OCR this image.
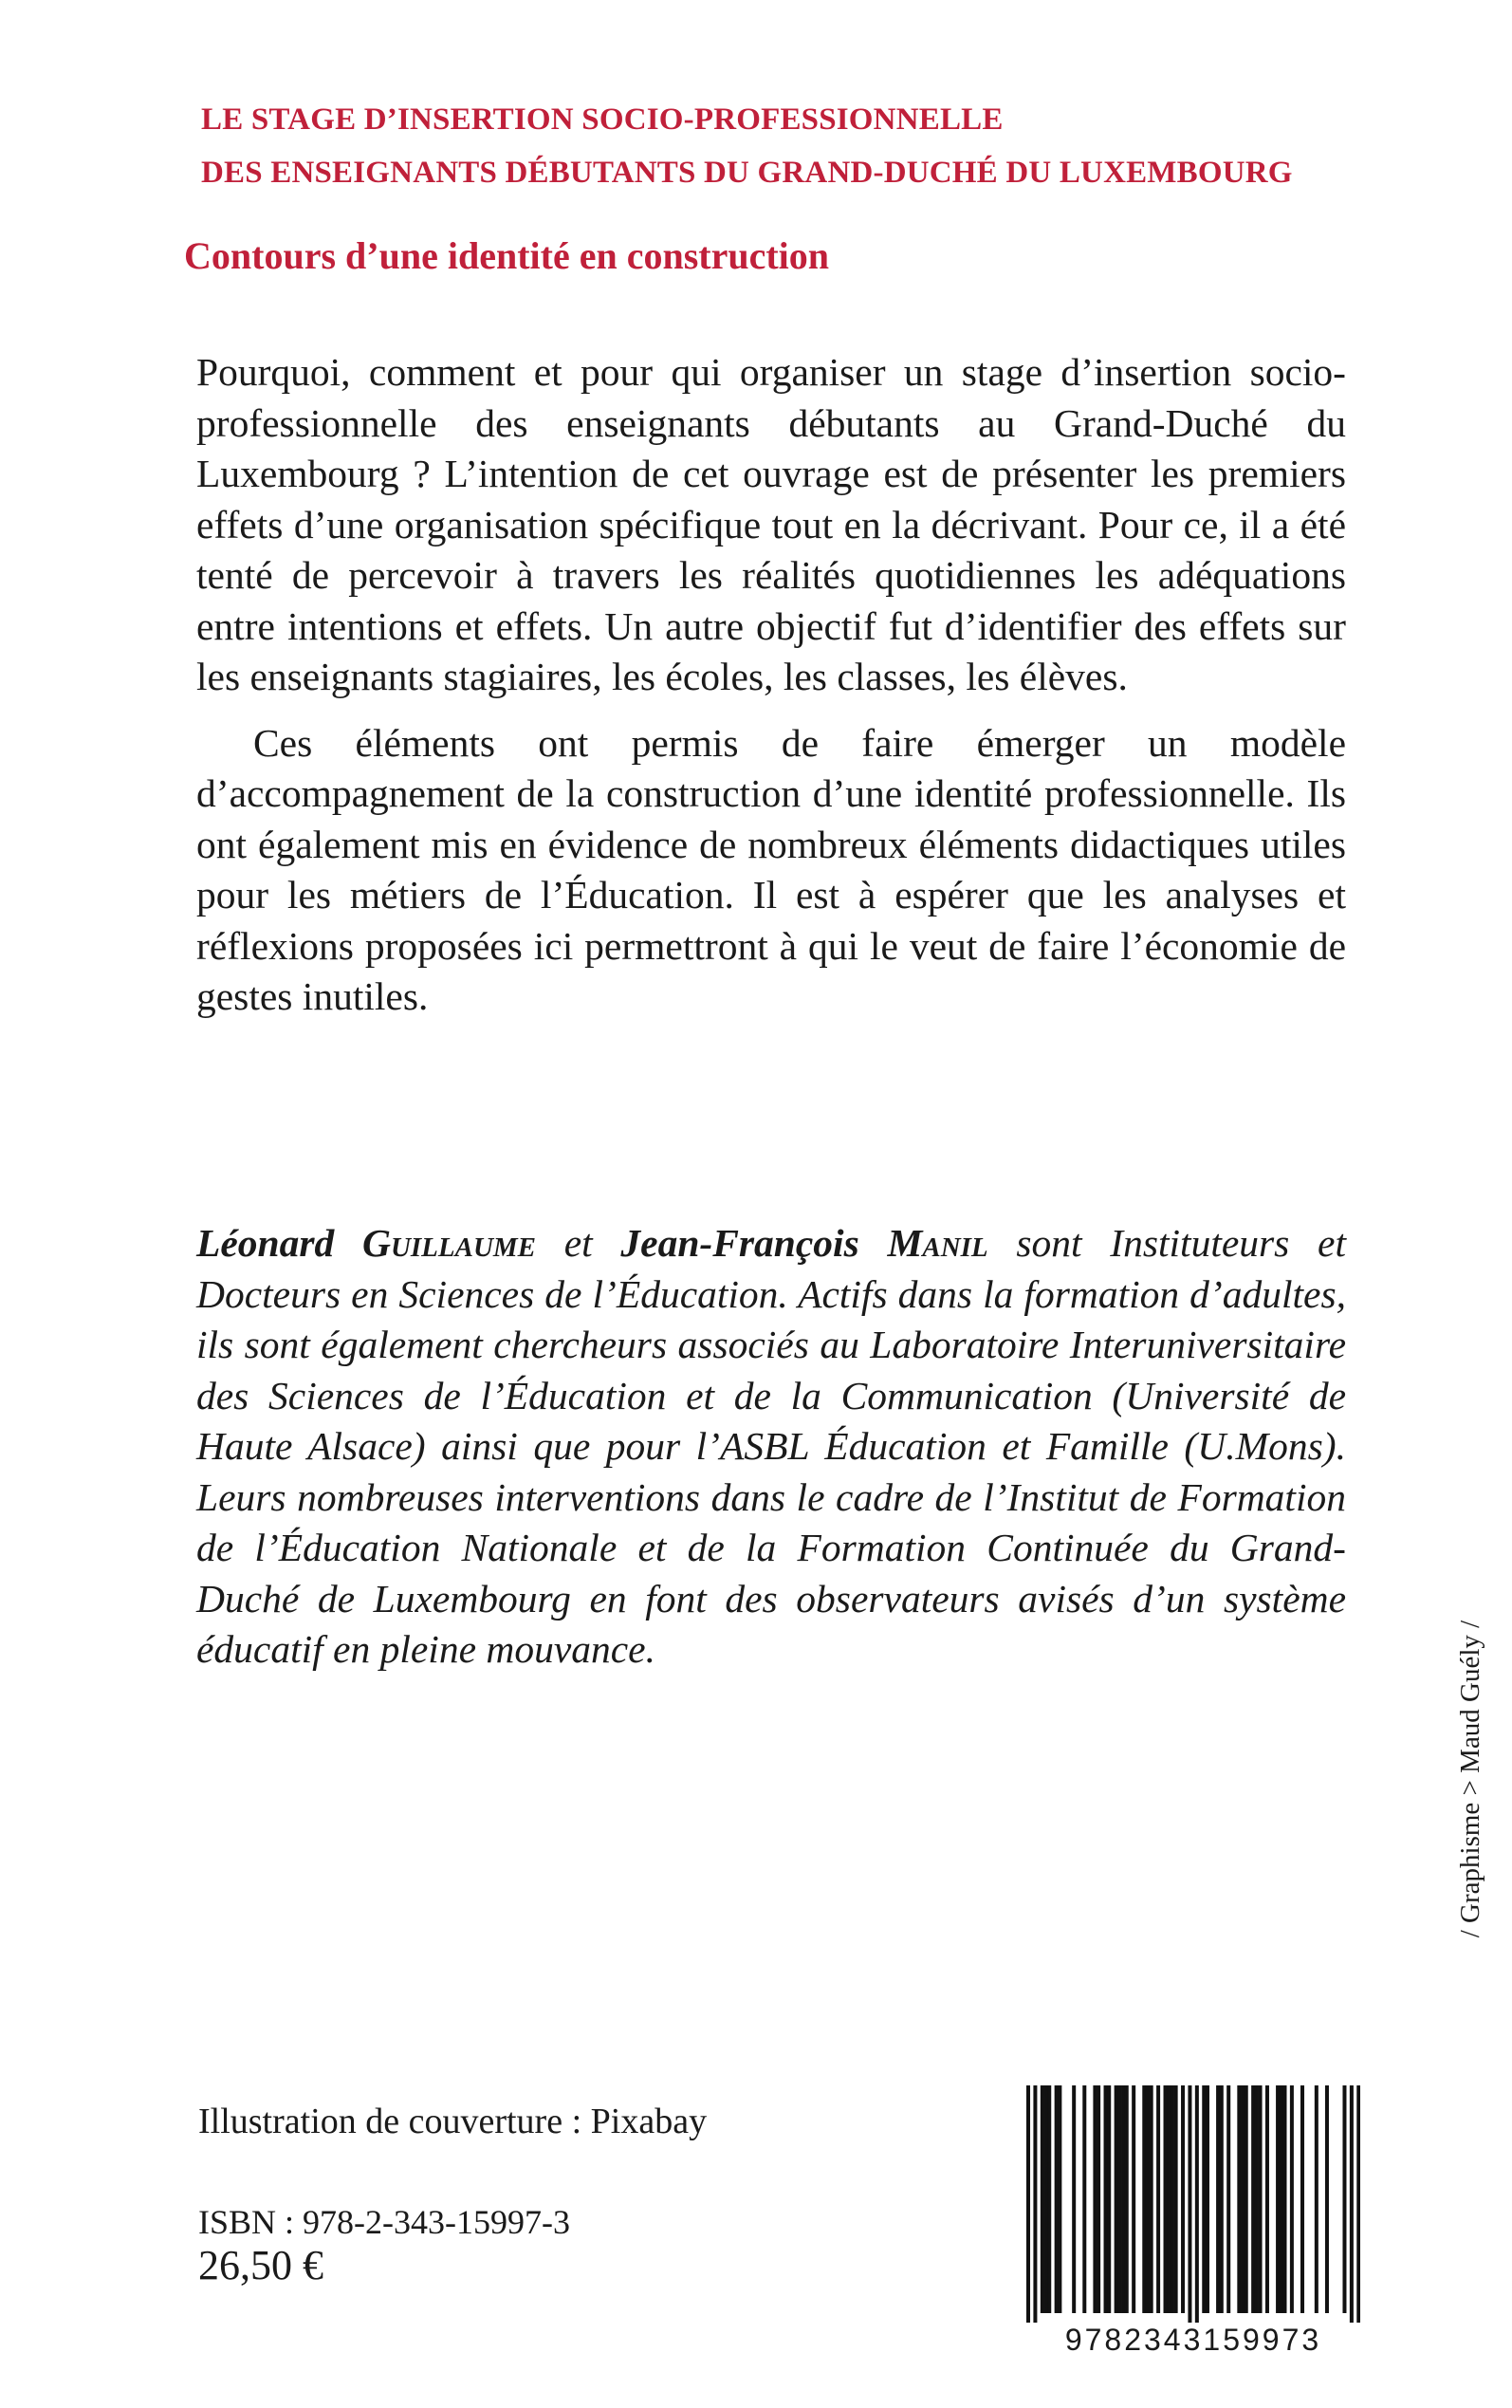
LE STAGE D’INSERTION SOCIO-PROFESSIONNELLE

DES ENSEIGNANTS DÉBUTANTS DU GRAND-DUCHÉ DU LUXEMBOURG

Contours d’une identité en construction

Pourquoi, comment et pour qui organiser un stage d’insertion socio-professionnelle des enseignants débutants au Grand-Duché du Luxembourg ? L’intention de cet ouvrage est de présenter les premiers effets d’une organisation spécifique tout en la décrivant. Pour ce, il a été tenté de percevoir à travers les réalités quotidiennes les adéquations entre intentions et effets. Un autre objectif fut d’identifier des effets sur les enseignants stagiaires, les écoles, les classes, les élèves.

Ces éléments ont permis de faire émerger un modèle d’accompagnement de la construction d’une identité professionnelle. Ils ont également mis en évidence de nombreux éléments didactiques utiles pour les métiers de l’Éducation. Il est à espérer que les analyses et réflexions proposées ici permettront à qui le veut de faire l’économie de gestes inutiles.

Léonard Guillaume et Jean-François Manil sont Instituteurs et Docteurs en Sciences de l’Éducation. Actifs dans la formation d’adultes, ils sont également chercheurs associés au Laboratoire Interuniversitaire des Sciences de l’Éducation et de la Communication (Université de Haute Alsace) ainsi que pour l’ASBL Éducation et Famille (U.Mons). Leurs nombreuses interventions dans le cadre de l’Institut de Formation de l’Éducation Nationale et de la Formation Continuée du Grand-Duché de Luxembourg en font des observateurs avisés d’un système éducatif en pleine mouvance.	/ Graphisme > Maud Guély /

Illustration de couverture : Pixabay

ISBN : 978-2-343-15997-3

26,50 €

9782343159973
